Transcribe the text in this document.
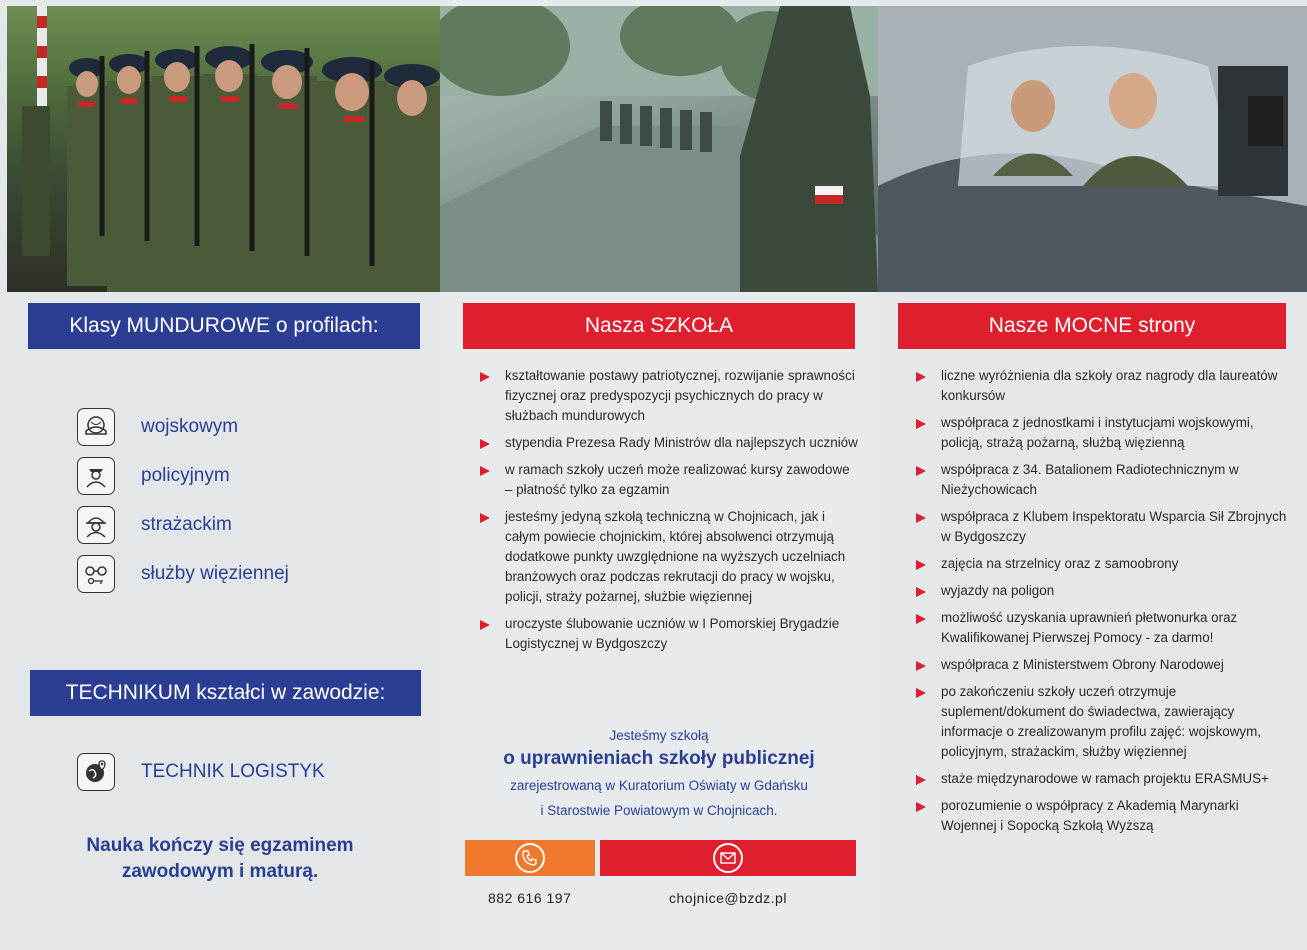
Klasy MUNDUROWE o profilach:
wojskowym
policyjnym
strażackim
służby więziennej
TECHNIKUM kształci w zawodzie:
TECHNIK LOGISTYK
Nauka kończy się egzaminem
zawodowym i maturą.
Nasza SZKOŁA
kształtowanie postawy patriotycznej, rozwijanie sprawności fizycznej oraz predyspozycji psychicznych do pracy w służbach mundurowych
stypendia Prezesa Rady Ministrów dla najlepszych uczniów
w ramach szkoły uczeń może realizować kursy zawodowe – płatność tylko za egzamin
jesteśmy jedyną szkołą techniczną w Chojnicach, jak i całym powiecie chojnickim, której absolwenci otrzymują dodatkowe punkty uwzględnione na wyższych uczelniach branżowych oraz podczas rekrutacji do pracy w wojsku, policji, straży pożarnej, służbie więziennej
uroczyste ślubowanie uczniów w I Pomorskiej Brygadzie Logistycznej w Bydgoszczy
Jesteśmy szkołą
o uprawnieniach szkoły publicznej
zarejestrowaną w Kuratorium Oświaty w Gdańsku
i Starostwie Powiatowym w Chojnicach.
882 616 197	chojnice@bzdz.pl
Nasze MOCNE strony
liczne wyróżnienia dla szkoły oraz nagrody dla laureatów konkursów
współpraca z jednostkami i instytucjami wojskowymi, policją, strażą pożarną, służbą więzienną
współpraca z 34. Batalionem Radiotechnicznym w Nieżychowicach
współpraca z Klubem Inspektoratu Wsparcia Sił Zbrojnych w Bydgoszczy
zajęcia na strzelnicy oraz z samoobrony
wyjazdy na poligon
możliwość uzyskania uprawnień płetwonurka oraz Kwalifikowanej Pierwszej Pomocy - za darmo!
współpraca z Ministerstwem Obrony Narodowej
po zakończeniu szkoły uczeń otrzymuje suplement/dokument do świadectwa, zawierający informacje o zrealizowanym profilu zajęć: wojskowym, policyjnym, strażackim, służby więziennej
staże międzynarodowe w ramach projektu ERASMUS+
porozumienie o współpracy z Akademią Marynarki Wojennej i Sopocką Szkołą Wyższą
